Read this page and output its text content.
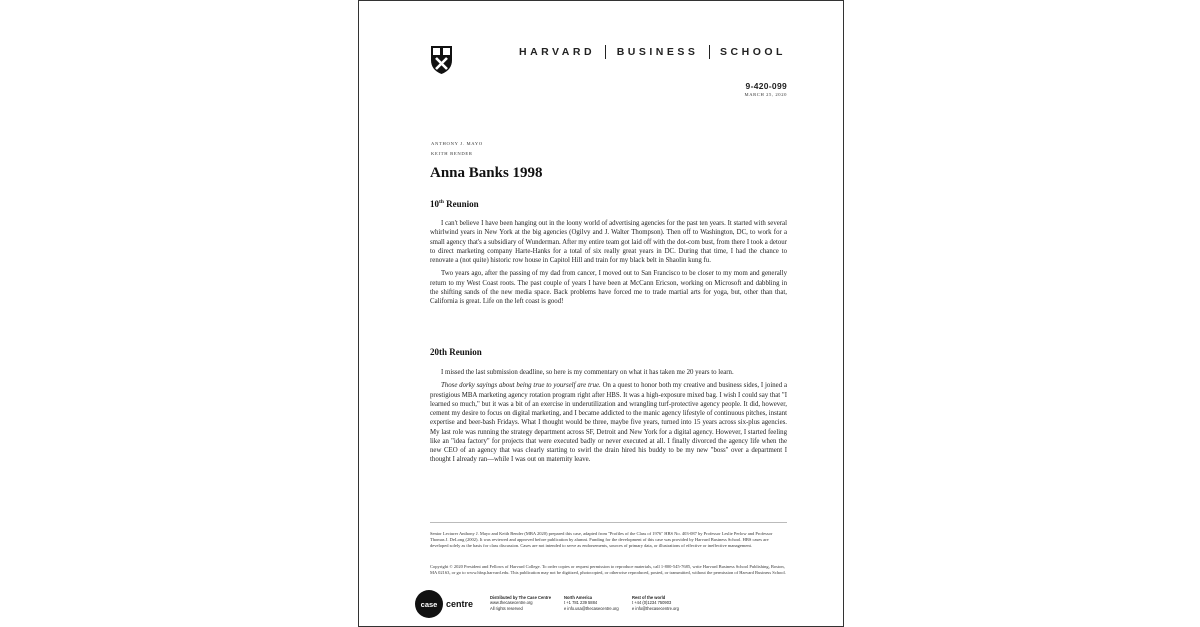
HARVARD BUSINESS SCHOOL
9-420-099
MARCH 25, 2020
ANTHONY J. MAYO
KEITH BENDER
Anna Banks 1998
10th Reunion

I can't believe I have been hanging out in the loony world of advertising agencies for the past ten years. It started with several whirlwind years in New York at the big agencies (Ogilvy and J. Walter Thompson). Then off to Washington, DC, to work for a small agency that's a subsidiary of Wunderman. After my entire team got laid off with the dot-com bust, from there I took a detour to direct marketing company Harte-Hanks for a total of six really great years in DC. During that time, I had the chance to renovate a (not quite) historic row house in Capitol Hill and train for my black belt in Shaolin kung fu.

Two years ago, after the passing of my dad from cancer, I moved out to San Francisco to be closer to my mom and generally return to my West Coast roots. The past couple of years I have been at McCann Ericson, working on Microsoft and dabbling in the shifting sands of the new media space. Back problems have forced me to trade martial arts for yoga, but, other than that, California is great. Life on the left coast is good!

20th Reunion

I missed the last submission deadline, so here is my commentary on what it has taken me 20 years to learn.

Those dorky sayings about being true to yourself are true. On a quest to honor both my creative and business sides, I joined a prestigious MBA marketing agency rotation program right after HBS. It was a high-exposure mixed bag. I wish I could say that "I learned so much," but it was a bit of an exercise in underutilization and wrangling turf-protective agency people. It did, however, cement my desire to focus on digital marketing, and I became addicted to the manic agency lifestyle of continuous pitches, instant expertise and beer-bash Fridays. What I thought would be three, maybe five years, turned into 15 years across six-plus agencies. My last role was running the strategy department across SF, Detroit and New York for a digital agency. However, I started feeling like an "idea factory" for projects that were executed badly or never executed at all. I finally divorced the agency life when the new CEO of an agency that was clearly starting to swirl the drain hired his buddy to be my new "boss" over a department I thought I already ran—while I was out on maternity leave.

Senior Lecturer Anthony J. Mayo and Keith Bender (MBA 2020) prepared this case, adapted from "Profiles of the Class of 1976" HBS No. 403-087 by Professor Leslie Perlow and Professor Thomas J. DeLong (2002). It was reviewed and approved before publication by alumni. Funding for the development of this case was provided by Harvard Business School. HBS cases are developed solely as the basis for class discussion. Cases are not intended to serve as endorsements, sources of primary data, or illustrations of effective or ineffective management.

Copyright © 2020 President and Fellows of Harvard College. To order copies or request permission to reproduce materials, call 1-800-545-7685, write Harvard Business School Publishing, Boston, MA 02163, or go to www.hbsp.harvard.edu. This publication may not be digitized, photocopied, or otherwise reproduced, posted, or transmitted, without the permission of Harvard Business School.

case centre
Distributed by The Case Centre
www.thecasecentre.org
All rights reserved
North America
t +1 781 239 5884
e info.usa@thecasecentre.org
Rest of the world
t +44 (0)1234 750903
e info@thecasecentre.org
